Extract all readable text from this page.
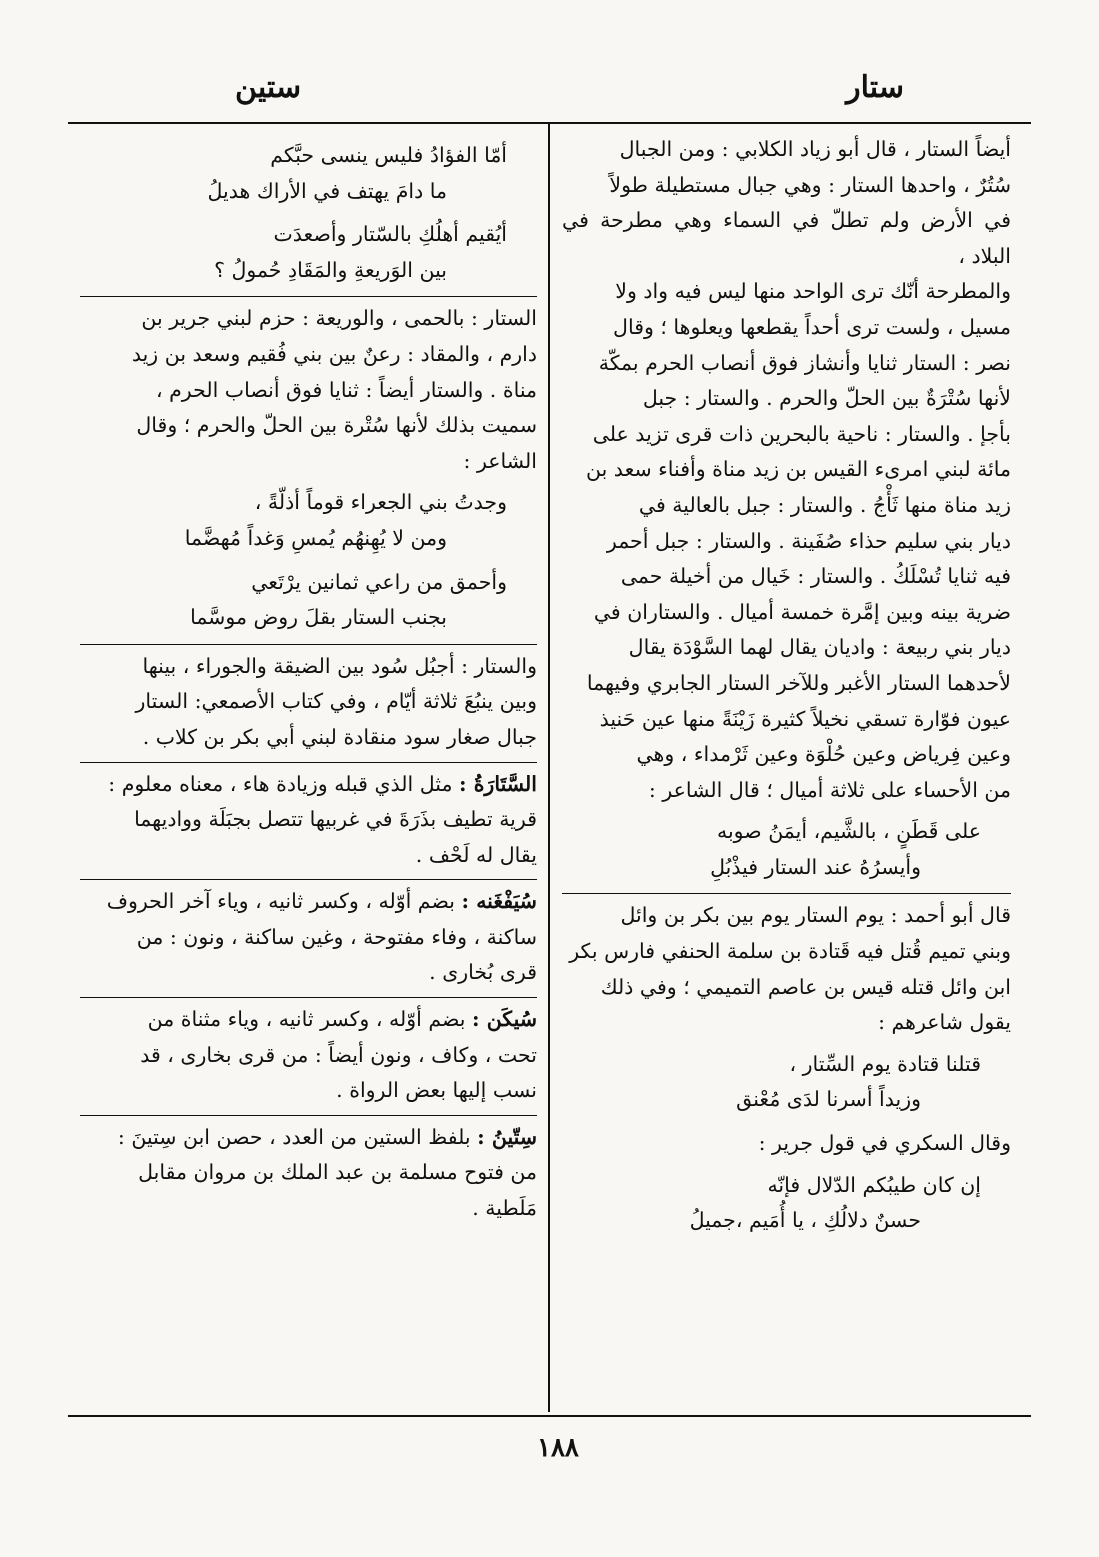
ستار
ستين
أيضاً الستار ، قال أبو زياد الكلابي : ومن الجبال
سُتُرٌ ، واحدها الستار : وهي جبال مستطيلة طولاً
في الأرض ولم تطلّ في السماء وهي مطرحة في البلاد ،
والمطرحة أنّك ترى الواحد منها ليس فيه واد ولا
مسيل ، ولست ترى أحداً يقطعها ويعلوها ؛ وقال
نصر : الستار ثنايا وأنشاز فوق أنصاب الحرم بمكّة
لأنها سُتْرَةٌ بين الحلّ والحرم . والستار : جبل
بأجإ . والستار : ناحية بالبحرين ذات قرى تزيد على
مائة لبني امرىء القيس بن زيد مناة وأفناء سعد بن
زيد مناة منها ثَأْجُ . والستار : جبل بالعالية في
ديار بني سليم حذاء صُفَينة . والستار : جبل أحمر
فيه ثنايا تُسْلَكُ . والستار : خَيال من أخيلة حمى
ضرية بينه وبين إمَّرة خمسة أميال . والستاران في
ديار بني ربيعة : واديان يقال لهما السَّوْدَة يقال
لأحدهما الستار الأغبر وللآخر الستار الجابري وفيهما
عيون فوّارة تسقي نخيلاً كثيرة زَيْنَةً منها عين حَنيذ
وعين فِرياض وعين حُلْوَة وعين ثَرْمداء ، وهي
من الأحساء على ثلاثة أميال ؛ قال الشاعر :
على قَطَنٍ ، بالشَّيم، أيمَنُ صوبه
وأيسرُهُ عند الستار فيذْبُلِ
قال أبو أحمد : يوم الستار يوم بين بكر بن وائل
وبني تميم قُتل فيه قَتادة بن سلمة الحنفي فارس بكر
ابن وائل قتله قيس بن عاصم التميمي ؛ وفي ذلك
يقول شاعرهم :
قتلنا قتادة يوم السِّتار ،
وزيداً أسرنا لدَى مُعْنق
وقال السكري في قول جرير :
إن كان طيبُكم الدّلال فإنّه
حسنٌ دلالُكِ ، يا أُمَيم ،جميلُ
أمّا الفؤادُ فليس ينسى حبَّكم
ما دامَ يهتف في الأراك هديلُ
أيُقيم أهلُكِ بالسّتار وأصعدَت
بين الوَريعةِ والمَقَادِ حُمولُ ؟
الستار : بالحمى ، والوريعة : حزم لبني جرير بن
دارم ، والمقاد : رعنٌ بين بني فُقيم وسعد بن زيد
مناة . والستار أيضاً : ثنايا فوق أنصاب الحرم ،
سميت بذلك لأنها سُتْرة بين الحلّ والحرم ؛ وقال
الشاعر :
وجدتُ بني الجعراء قوماً أذلّةً ،
ومن لا يُهِنهُم يُمسِ وَغداً مُهضَّما
وأحمق من راعي ثمانين يرْتَعي
بجنب الستار بقلَ روض موسَّما
والستار : أجبُل سُود بين الضيقة والجوراء ، بينها
وبين ينبُعَ ثلاثة أيّام ، وفي كتاب الأصمعي: الستار
جبال صغار سود منقادة لبني أبي بكر بن كلاب .
السَّتَارَةُ : مثل الذي قبله وزيادة هاء ، معناه معلوم :
قرية تطيف بذَرَةَ في غربيها تتصل بجبَلَة وواديهما
يقال له لَحْف .
سُيَفْغَنه : بضم أوّله ، وكسر ثانيه ، وياء آخر الحروف
ساكنة ، وفاء مفتوحة ، وغين ساكنة ، ونون : من
قرى بُخارى .
سُيكَن : بضم أوّله ، وكسر ثانيه ، وياء مثناة من
تحت ، وكاف ، ونون أيضاً : من قرى بخارى ، قد
نسب إليها بعض الرواة .
سِتّينُ : بلفظ الستين من العدد ، حصن ابن سِتينَ :
من فتوح مسلمة بن عبد الملك بن مروان مقابل
مَلَطية .
١٨٨
